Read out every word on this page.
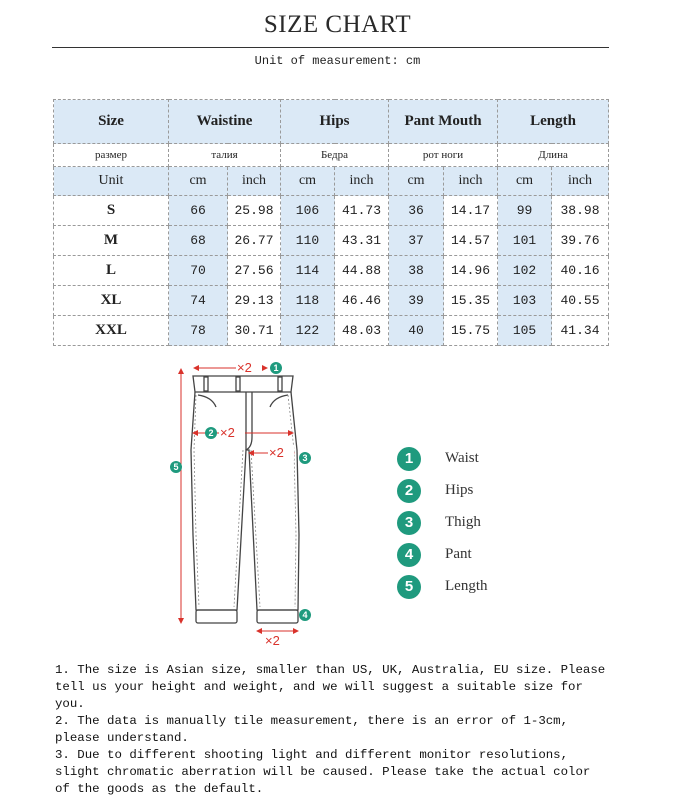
SIZE CHART
Unit of measurement: cm
Size	Waistine		Hips		Pant Mouth		Length	
размер	талия		Бедра		рот ноги		Длина	
Unit	cm	inch	cm	inch	cm	inch	cm	inch
S	66	25.98	106	41.73	36	14.17	99	38.98
M	68	26.77	110	43.31	37	14.57	101	39.76
L	70	27.56	114	44.88	38	14.96	102	40.16
XL	74	29.13	118	46.46	39	15.35	103	40.55
XXL	78	30.71	122	48.03	40	15.75	105	41.34
×2
×2
×2
×2
1
2
3
4
5	1	Waist
2	Hips
3	Thigh
4	Pant
5	Length

1. The size is Asian size, smaller than US, UK, Australia, EU size. Please tell us your height and weight, and we will suggest a suitable size for you.

2. The data is manually tile measurement, there is an error of 1-3cm, please understand.

3. Due to different shooting light and different monitor resolutions, slight chromatic aberration will be caused. Please take the actual color of the goods as the default.
